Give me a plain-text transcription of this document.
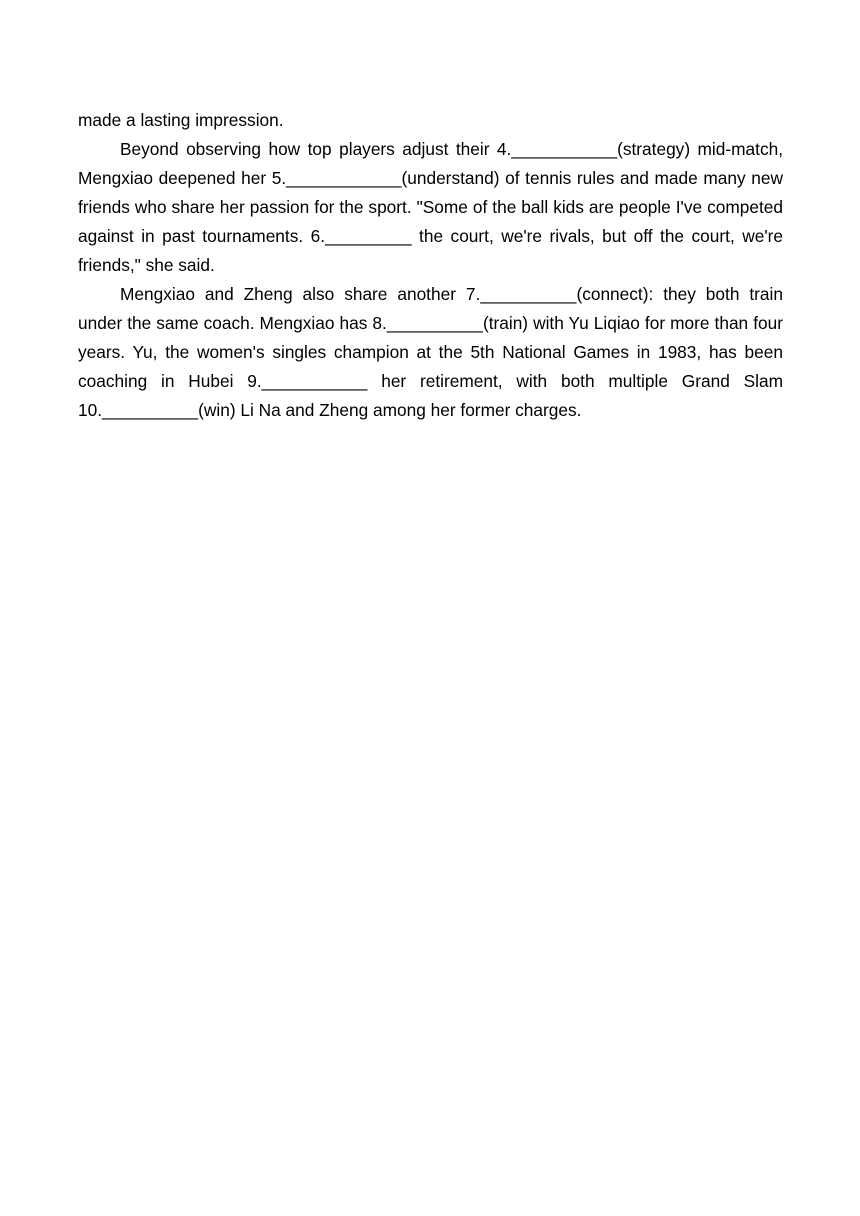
made a lasting impression.

Beyond observing how top players adjust their 4.___________(strategy) mid-match, Mengxiao deepened her 5.____________(understand) of tennis rules and made many new friends who share her passion for the sport. "Some of the ball kids are people I've competed against in past tournaments. 6._________ the court, we're rivals, but off the court, we're friends," she said.

Mengxiao and Zheng also share another 7.__________(connect): they both train under the same coach. Mengxiao has 8.__________(train) with Yu Liqiao for more than four years. Yu, the women's singles champion at the 5th National Games in 1983, has been coaching in Hubei 9.___________ her retirement, with both multiple Grand Slam 10.__________(win) Li Na and Zheng among her former charges.
